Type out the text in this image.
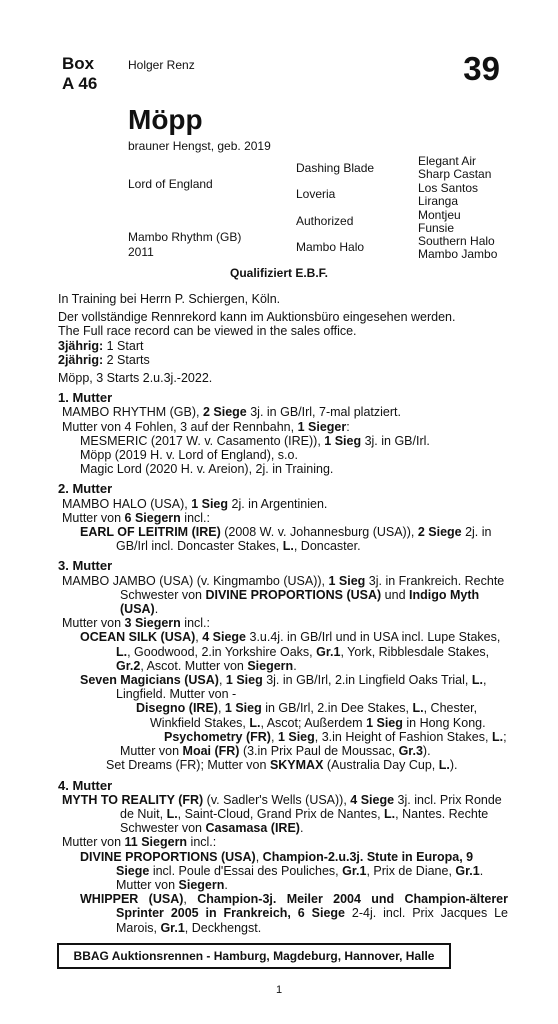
Box
A 46
Holger Renz	39
Möpp
brauner Hengst, geb. 2019
Lord of England
Mambo Rhythm (GB)
2011
Dashing Blade
Loveria
Authorized
Mambo Halo
Elegant Air
Sharp Castan
Los Santos
Liranga
Montjeu
Funsie
Southern Halo
Mambo Jambo
Qualifiziert E.B.F.

In Training bei Herrn P. Schiergen, Köln.

Der vollständige Rennrekord kann im Auktionsbüro eingesehen werden.

The Full race record can be viewed in the sales office.

3jährig: 1 Start

2jährig: 2 Starts

Möpp, 3 Starts 2.u.3j.-2022.

1. Mutter

MAMBO RHYTHM (GB), 2 Siege 3j. in GB/Irl, 7-mal platziert.

Mutter von 4 Fohlen, 3 auf der Rennbahn, 1 Sieger:

MESMERIC (2017 W. v. Casamento (IRE)), 1 Sieg 3j. in GB/Irl.

Möpp (2019 H. v. Lord of England), s.o.

Magic Lord (2020 H. v. Areion), 2j. in Training.

2. Mutter

MAMBO HALO (USA), 1 Sieg 2j. in Argentinien.

Mutter von 6 Siegern incl.:

EARL OF LEITRIM (IRE) (2008 W. v. Johannesburg (USA)), 2 Siege 2j. in GB/Irl incl. Doncaster Stakes, L., Doncaster.

3. Mutter

MAMBO JAMBO (USA) (v. Kingmambo (USA)), 1 Sieg 3j. in Frankreich. Rechte Schwester von DIVINE PROPORTIONS (USA) und Indigo Myth (USA).

Mutter von 3 Siegern incl.:

OCEAN SILK (USA), 4 Siege 3.u.4j. in GB/Irl und in USA incl. Lupe Stakes, L., Goodwood, 2.in Yorkshire Oaks, Gr.1, York, Ribblesdale Stakes, Gr.2, Ascot. Mutter von Siegern.

Seven Magicians (USA), 1 Sieg 3j. in GB/Irl, 2.in Lingfield Oaks Trial, L., Lingfield. Mutter von -

Disegno (IRE), 1 Sieg in GB/Irl, 2.in Dee Stakes, L., Chester, Winkfield Stakes, L., Ascot; Außerdem 1 Sieg in Hong Kong.

Psychometry (FR), 1 Sieg, 3.in Height of Fashion Stakes, L.; Mutter von Moai (FR) (3.in Prix Paul de Moussac, Gr.3).

Set Dreams (FR); Mutter von SKYMAX (Australia Day Cup, L.).

4. Mutter

MYTH TO REALITY (FR) (v. Sadler's Wells (USA)), 4 Siege 3j. incl. Prix Ronde de Nuit, L., Saint-Cloud, Grand Prix de Nantes, L., Nantes. Rechte Schwester von Casamasa (IRE).

Mutter von 11 Siegern incl.:

DIVINE PROPORTIONS (USA), Champion-2.u.3j. Stute in Europa, 9 Siege incl. Poule d'Essai des Pouliches, Gr.1, Prix de Diane, Gr.1. Mutter von Siegern.

WHIPPER (USA), Champion-3j. Meiler 2004 und Champion-älterer Sprinter 2005 in Frankreich, 6 Siege 2-4j. incl. Prix Jacques Le Marois, Gr.1, Deckhengst.

BBAG Auktionsrennen - Hamburg, Magdeburg, Hannover, Halle
1
